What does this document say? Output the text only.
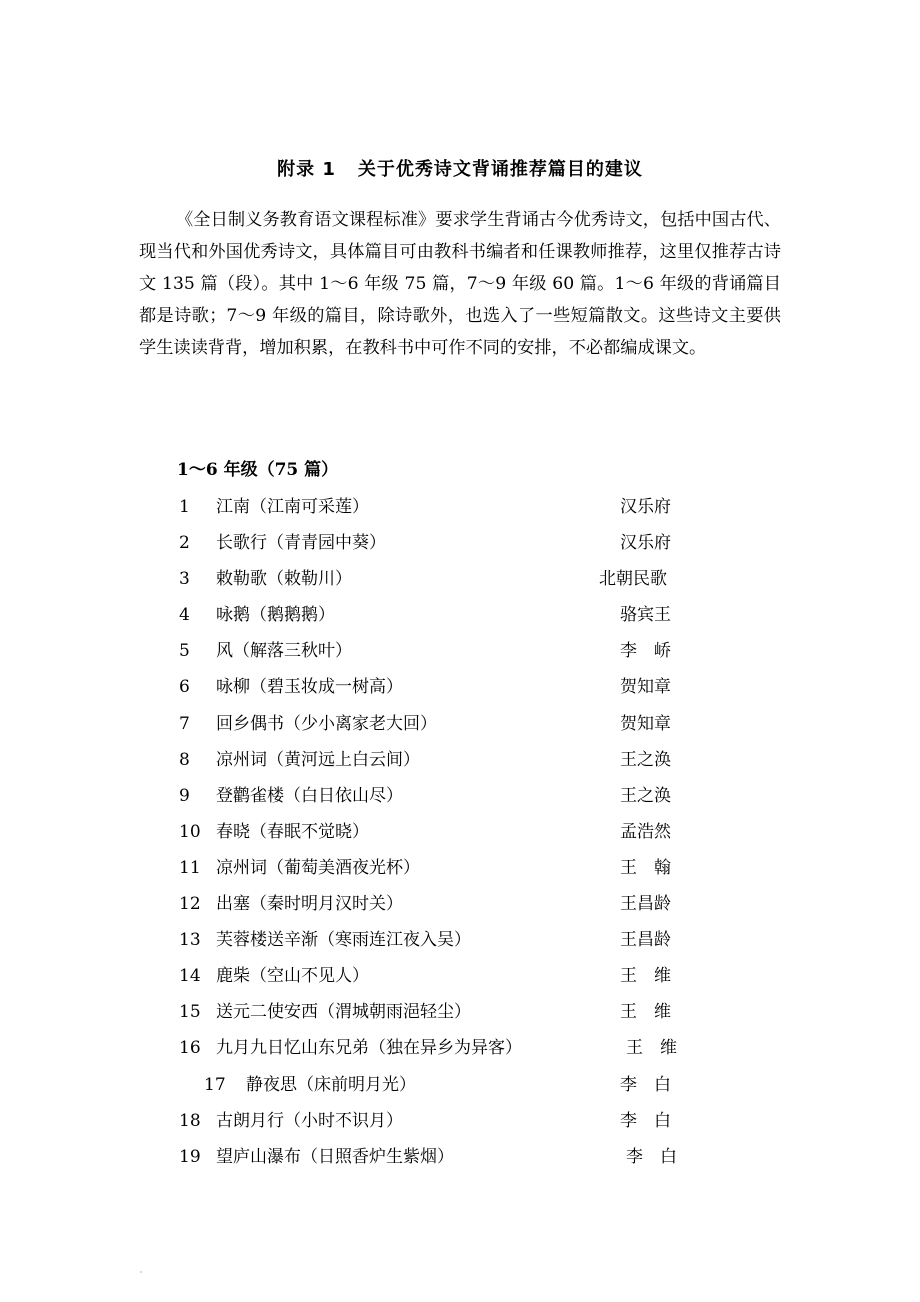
附录 1 关于优秀诗文背诵推荐篇目的建议

《全日制义务教育语文课程标准》要求学生背诵古今优秀诗文，包括中国古代、现当代和外国优秀诗文，具体篇目可由教科书编者和任课教师推荐，这里仅推荐古诗文 135 篇（段）。其中 1～6 年级 75 篇，7～9 年级 60 篇。1～6 年级的背诵篇目都是诗歌；7～9 年级的篇目，除诗歌外，也选入了一些短篇散文。这些诗文主要供学生读读背背，增加积累，在教科书中可作不同的安排，不必都编成课文。

1～6 年级（75 篇）
1 江南（江南可采莲）	汉乐府
2 长歌行（青青园中葵）	汉乐府
3 敕勒歌（敕勒川）	北朝民歌
4 咏鹅（鹅鹅鹅）	骆宾王
5 风（解落三秋叶）	李　峤
6 咏柳（碧玉妆成一树高）	贺知章
7 回乡偶书（少小离家老大回）	贺知章
8 凉州词（黄河远上白云间）	王之涣
9 登鹳雀楼（白日依山尽）	王之涣
10 春晓（春眠不觉晓）	孟浩然
11 凉州词（葡萄美酒夜光杯）	王　翰
12 出塞（秦时明月汉时关）	王昌龄
13 芙蓉楼送辛渐（寒雨连江夜入吴）	王昌龄
14 鹿柴（空山不见人）	王　维
15 送元二使安西（渭城朝雨浥轻尘）	王　维
16 九月九日忆山东兄弟（独在异乡为异客）	王　维
17 静夜思（床前明月光）	李　白
18 古朗月行（小时不识月）	李　白
19 望庐山瀑布（日照香炉生紫烟）	李　白
